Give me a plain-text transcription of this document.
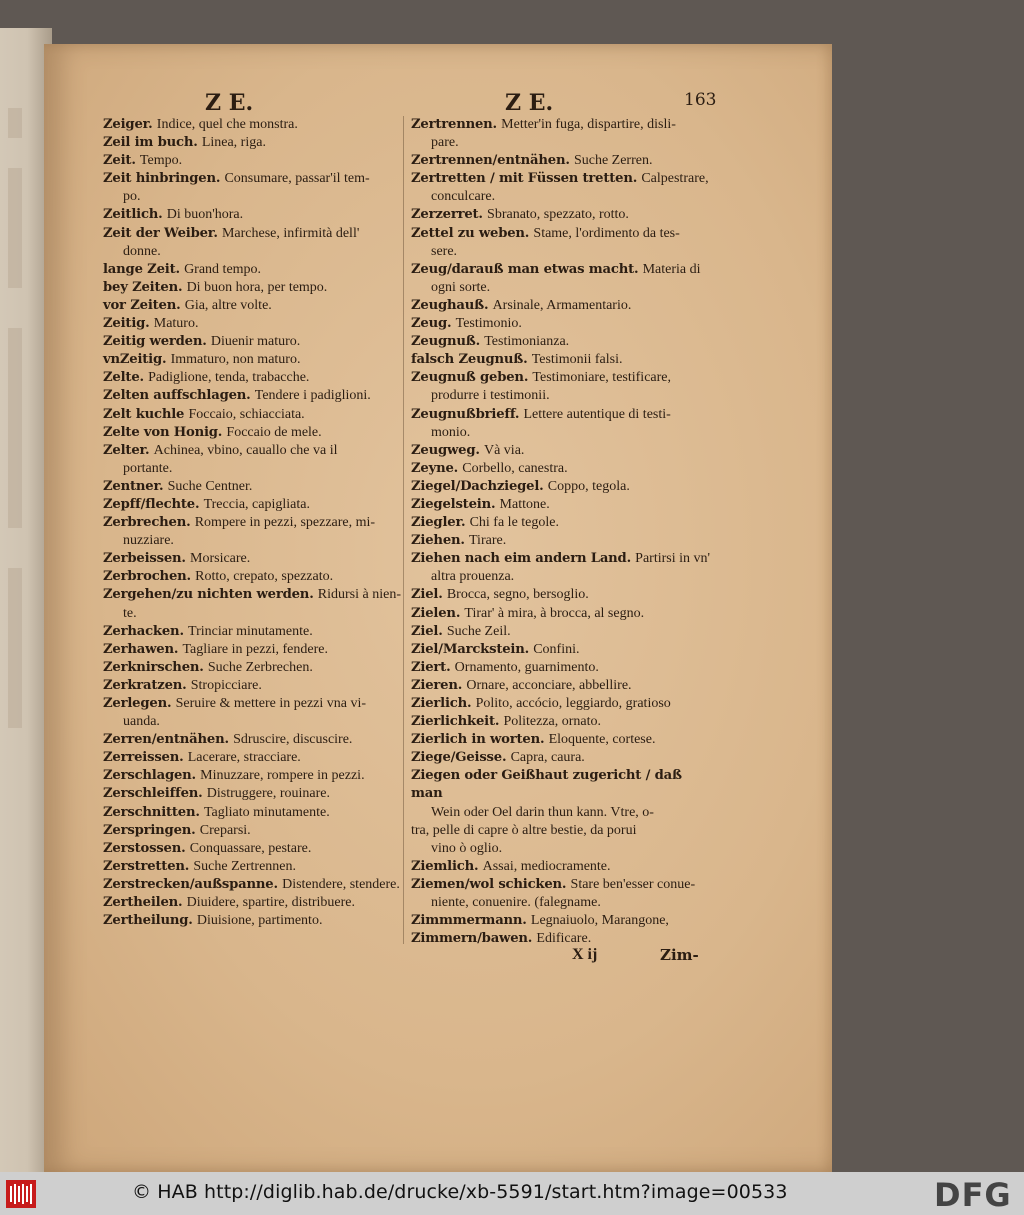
Z E.	Z E.	163
Zeiger. Indice, quel che monstra.
Zeil im buch. Linea, riga.
Zeit. Tempo.
Zeit hinbringen. Consumare, passar'il tem-
po.
Zeitlich. Di buon'hora.
Zeit der Weiber. Marchese, infirmità dell'
donne.
lange Zeit. Grand tempo.
bey Zeiten. Di buon hora, per tempo.
vor Zeiten. Gia, altre volte.
Zeitig. Maturo.
Zeitig werden. Diuenir maturo.
vnZeitig. Immaturo, non maturo.
Zelte. Padiglione, tenda, trabacche.
Zelten auffschlagen. Tendere i padiglioni.
Zelt kuchle Foccaio, schiacciata.
Zelte von Honig. Foccaio de mele.
Zelter. Achinea, vbino, cauallo che va il
portante.
Zentner. Suche Centner.
Zepff/flechte. Treccia, capigliata.
Zerbrechen. Rompere in pezzi, spezzare, mi-
nuzziare.
Zerbeissen. Morsicare.
Zerbrochen. Rotto, crepato, spezzato.
Zergehen/zu nichten werden. Ridursi à nien-
te.
Zerhacken. Trinciar minutamente.
Zerhawen. Tagliare in pezzi, fendere.
Zerknirschen. Suche Zerbrechen.
Zerkratzen. Stropicciare.
Zerlegen. Seruire & mettere in pezzi vna vi-
uanda.
Zerren/entnähen. Sdruscire, discuscire.
Zerreissen. Lacerare, stracciare.
Zerschlagen. Minuzzare, rompere in pezzi.
Zerschleiffen. Distruggere, rouinare.
Zerschnitten. Tagliato minutamente.
Zerspringen. Creparsi.
Zerstossen. Conquassare, pestare.
Zerstretten. Suche Zertrennen.
Zerstrecken/außspanne. Distendere, stendere.
Zertheilen. Diuidere, spartire, distribuere.
Zertheilung. Diuisione, partimento.
Zertrennen. Metter'in fuga, dispartire, disli-
pare.
Zertrennen/entnähen. Suche Zerren.
Zertretten / mit Füssen tretten. Calpestrare,
conculcare.
Zerzerret. Sbranato, spezzato, rotto.
Zettel zu weben. Stame, l'ordimento da tes-
sere.
Zeug/darauß man etwas macht. Materia di
ogni sorte.
Zeughauß. Arsinale, Armamentario.
Zeug. Testimonio.
Zeugnuß. Testimonianza.
falsch Zeugnuß. Testimonii falsi.
Zeugnuß geben. Testimoniare, testificare,
produrre i testimonii.
Zeugnußbrieff. Lettere autentique di testi-
monio.
Zeugweg. Và via.
Zeyne. Corbello, canestra.
Ziegel/Dachziegel. Coppo, tegola.
Ziegelstein. Mattone.
Ziegler. Chi fa le tegole.
Ziehen. Tirare.
Ziehen nach eim andern Land. Partirsi in vn'
altra prouenza.
Ziel. Brocca, segno, bersoglio.
Zielen. Tirar' à mira, à brocca, al segno.
Ziel. Suche Zeil.
Ziel/Marckstein. Confini.
Ziert. Ornamento, guarnimento.
Zieren. Ornare, acconciare, abbellire.
Zierlich. Polito, accócio, leggiardo, gratioso
Zierlichkeit. Politezza, ornato.
Zierlich in worten. Eloquente, cortese.
Ziege/Geisse. Capra, caura.
Ziegen oder Geißhaut zugericht / daß man
Wein oder Oel darin thun kann. Vtre, o-
tra, pelle di capre ò altre bestie, da porui
vino ò oglio.
Ziemlich. Assai, mediocramente.
Ziemen/wol schicken. Stare ben'esser conue-
niente, conuenire. (falegname.
Zimmmermann. Legnaiuolo, Marangone,
Zimmern/bawen. Edificare.
X ij	Zim-
© HAB http://diglib.hab.de/drucke/xb-5591/start.htm?image=00533	DFG
